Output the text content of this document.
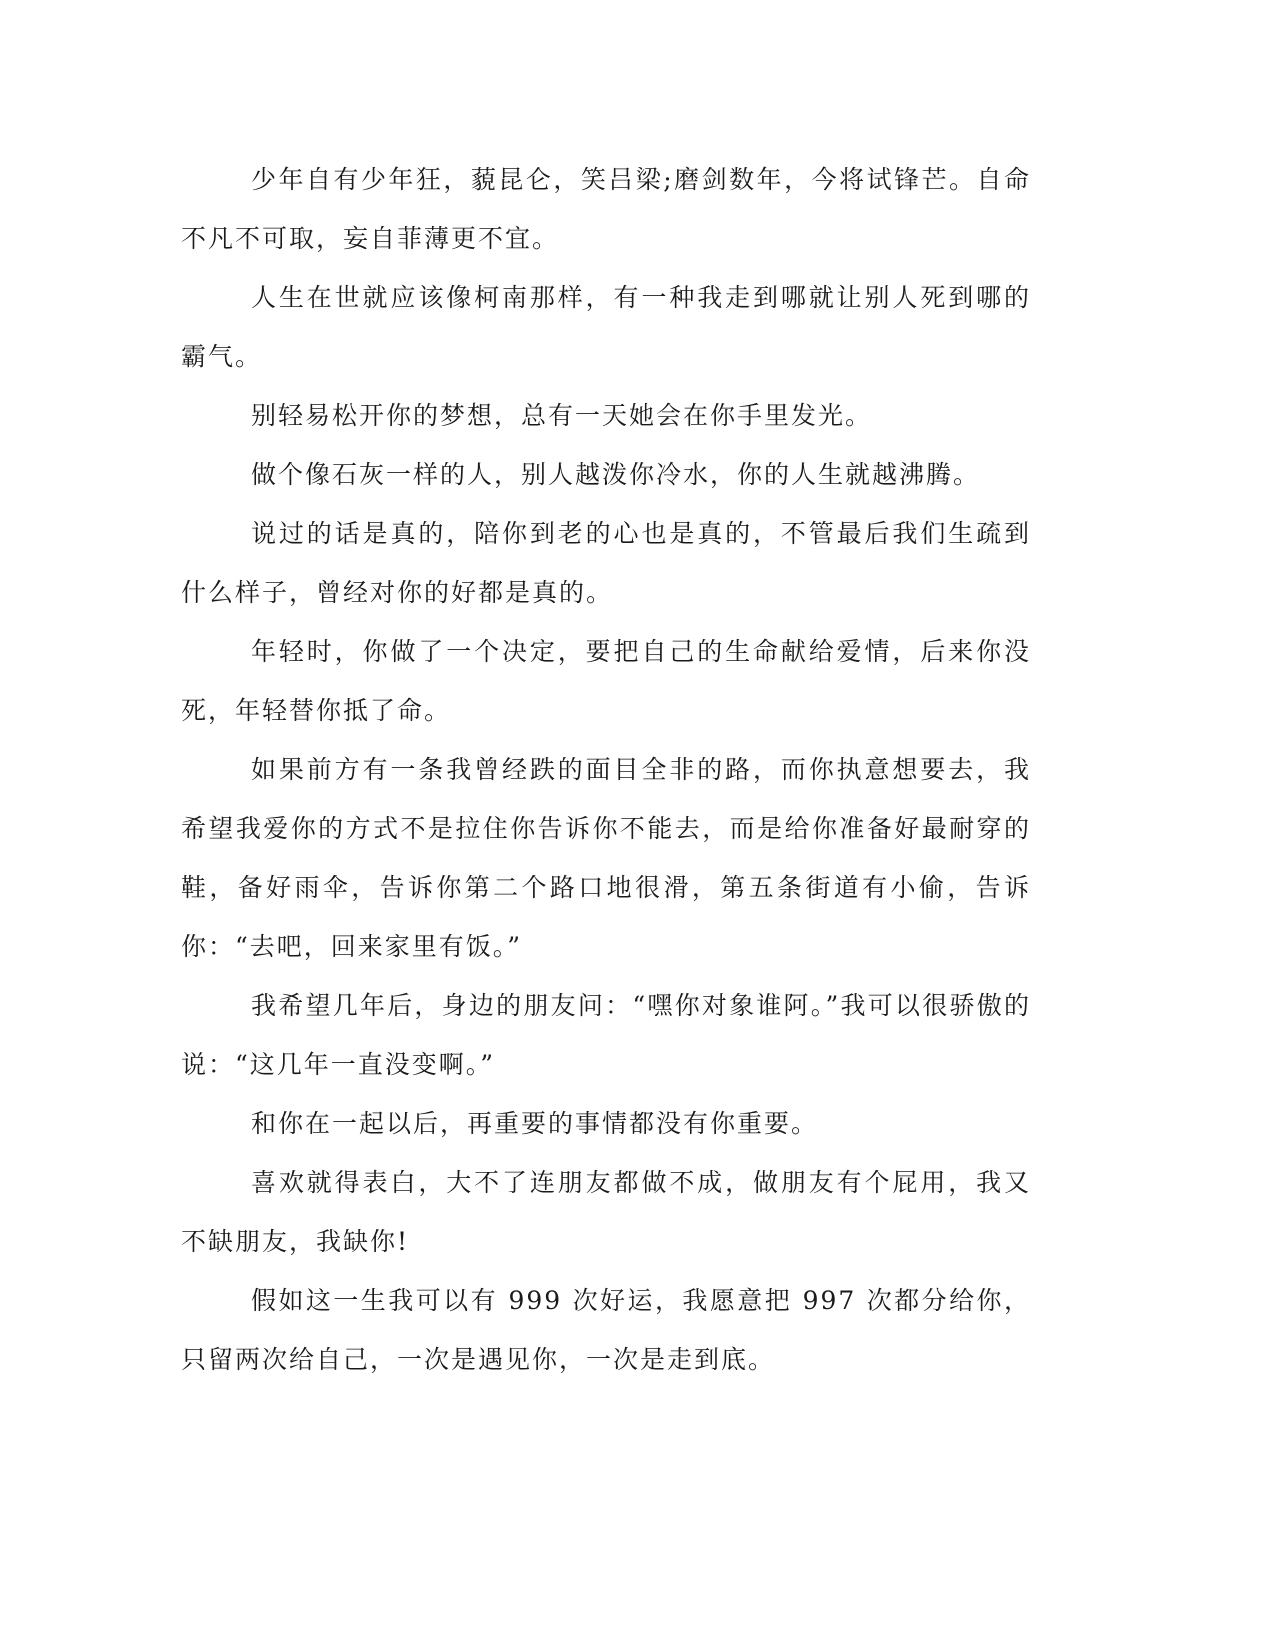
少年自有少年狂，藐昆仑，笑吕梁;磨剑数年，今将试锋芒。自命不凡不可取，妄自菲薄更不宜。

人生在世就应该像柯南那样，有一种我走到哪就让别人死到哪的霸气。

别轻易松开你的梦想，总有一天她会在你手里发光。

做个像石灰一样的人，别人越泼你冷水，你的人生就越沸腾。

说过的话是真的，陪你到老的心也是真的，不管最后我们生疏到什么样子，曾经对你的好都是真的。

年轻时，你做了一个决定，要把自己的生命献给爱情，后来你没死，年轻替你抵了命。

如果前方有一条我曾经跌的面目全非的路，而你执意想要去，我希望我爱你的方式不是拉住你告诉你不能去，而是给你准备好最耐穿的鞋，备好雨伞，告诉你第二个路口地很滑，第五条街道有小偷，告诉你：“去吧，回来家里有饭。”

我希望几年后，身边的朋友问：“嘿你对象谁阿。”我可以很骄傲的说：“这几年一直没变啊。”

和你在一起以后，再重要的事情都没有你重要。

喜欢就得表白，大不了连朋友都做不成，做朋友有个屁用，我又不缺朋友，我缺你!

假如这一生我可以有 999 次好运，我愿意把 997 次都分给你，只留两次给自己，一次是遇见你，一次是走到底。
